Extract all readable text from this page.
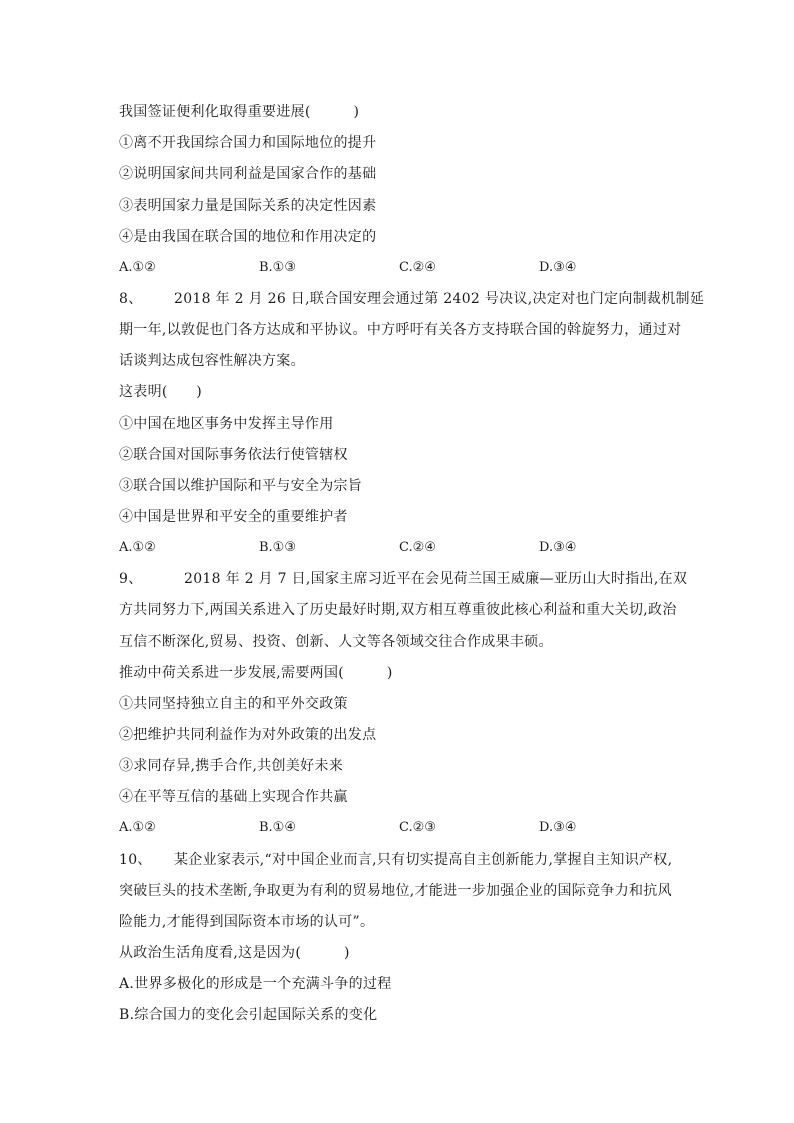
我国签证便利化取得重要进展(　　　)
①离不开我国综合国力和国际地位的提升
②说明国家间共同利益是国家合作的基础
③表明国家力量是国际关系的决定性因素
④是由我国在联合国的地位和作用决定的
A.①②	B.①③	C.②④	D.③④
8、 2018 年 2 月 26 日,联合国安理会通过第 2402 号决议,决定对也门定向制裁机制延
期一年,以敦促也门各方达成和平协议。中方呼吁有关各方支持联合国的斡旋努力，通过对
话谈判达成包容性解决方案。
这表明(　　)
①中国在地区事务中发挥主导作用
②联合国对国际事务依法行使管辖权
③联合国以维护国际和平与安全为宗旨
④中国是世界和平安全的重要维护者
A.①②	B.①③	C.②④	D.③④
9、	2018 年 2 月 7 日,国家主席习近平在会见荷兰国王威廉—亚历山大时指出,在双
方共同努力下,两国关系进入了历史最好时期,双方相互尊重彼此核心利益和重大关切,政治
互信不断深化,贸易、投资、创新、人文等各领域交往合作成果丰硕。
推动中荷关系进一步发展,需要两国(　　　)
①共同坚持独立自主的和平外交政策
②把维护共同利益作为对外政策的出发点
③求同存异,携手合作,共创美好未来
④在平等互信的基础上实现合作共赢
A.①②	B.①④	C.②③	D.③④
10、 某企业家表示,“对中国企业而言,只有切实提高自主创新能力,掌握自主知识产权,
突破巨头的技术垄断,争取更为有利的贸易地位,才能进一步加强企业的国际竞争力和抗风
险能力,才能得到国际资本市场的认可”。
从政治生活角度看,这是因为(　　　)
A.世界多极化的形成是一个充满斗争的过程
B.综合国力的变化会引起国际关系的变化
